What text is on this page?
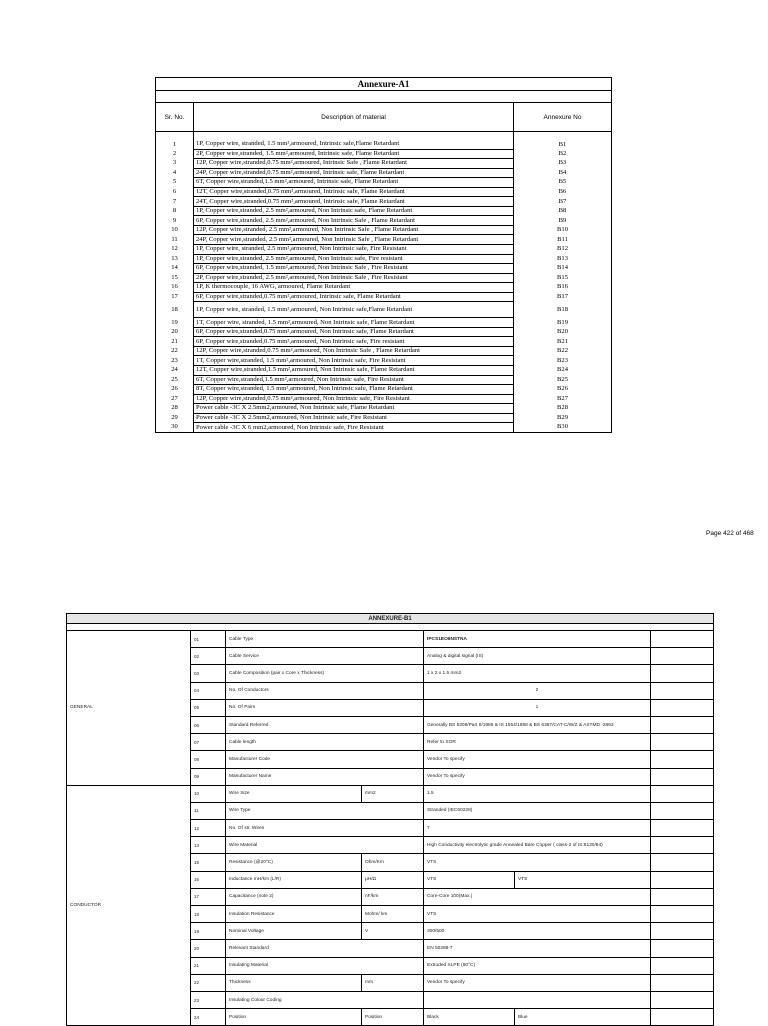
Annexure-A1		

Sr. No.	Description of material	Annexure No

1	1P, Copper wire, stranded, 1.5 mm²,armoured, Intrinsic safe,Flame Retardant	B1
2	2P, Copper wire,stranded, 1.5 mm²,armoured, Intrinsic safe, Flame Retardant	B2
3	12P, Copper wire,stranded,0.75 mm²,armoured, Intrinsic Safe , Flame Retardant	B3
4	24P, Copper wire,stranded,0.75 mm²,armoured, Intrinsic safe, Flame Retardant	B4
5	6T, Copper wire,stranded,1.5 mm²,armoured, Intrinsic safe, Flame Retardant	B5
6	12T, Copper wire,stranded,0.75 mm²,armoured, Intrinsic safe, Flame Retardant	B6
7	24T, Copper wire,stranded,0.75 mm²,armoured, Intrinsic safe, Flame Retardant	B7
8	1P, Copper wire,stranded, 2.5 mm²,armoured, Non Intrinsic safe, Flame Retardant	B8
9	6P, Copper wire,stranded, 2.5 mm²,armoured, Non Intrinsic Safe , Flame Retardant	B9
10	12P, Copper wire,stranded, 2.5 mm²,armoured, Non Intrinsic Safe , Flame Retardant	B10
11	24P, Copper wire,stranded, 2.5 mm²,armoured, Non Intrinsic Safe , Flame Retardant	B11
12	1P, Copper wire, stranded, 2.5 mm²,armoured, Non Intrinsic safe, Fire Resistant	B12
13	1P, Copper wire,stranded, 2.5 mm²,armoured, Non Intrinsic safe, Fire resistant	B13
14	6P, Copper wire,stranded, 1.5 mm²,armoured, Non Intrinsic Safe , Fire Resistant	B14
15	2P, Copper wire,stranded, 2.5 mm²,armoured, Non Intrinsic Safe , Fire Resistant	B15
16	1P, K thermocouple, 16 AWG, armoured, Flame Retardant	B16
17	6P, Copper wire,stranded,0.75 mm²,armoured, Intrinsic safe, Flame Retardant	B17
18	1P, Copper wire, stranded, 1.5 mm²,armoured, Non Intrinsic safe,Flame Retardant	B18
19	1T, Copper wire, stranded, 1.5 mm²,armoured, Non Intrinsic safe, Flame Retardant	B19
20	6P, Copper wire,stranded,0.75 mm²,armoured, Non Intrinsic safe, Flame Retardant	B20
21	6P, Copper wire,stranded,0.75 mm²,armoured, Non Intrinsic safe, Fire resistant	B21
22	12P, Copper wire,stranded,0.75 mm²,armoured, Non Intrinsic Safe , Flame Retardant	B22
23	1T, Copper wire,stranded, 1.5 mm²,armoured, Non Intrinsic safe, Fire Resistant	B23
24	12T, Copper wire,stranded,1.5 mm²,armoured, Non Intrinsic safe, Flame Retardant	B24
25	6T, Copper wire,stranded,1.5 mm²,armoured, Non Intrinsic safe, Fire Resistant	B25
26	8T, Copper wire,stranded, 1.5 mm²,armoured, Non Intrinsic safe, Flame Retardant	B26
27	12P, Copper wire,stranded,0.75 mm²,armoured, Non Intrinsic safe, Fire Resistant	B27
28	Power cable -3C X 2.5mm2,armoured, Non Intrinsic safe, Flame Retardant	B28
29	Power cable -3C X 2.5mm2,armoured, Non Intrinsic safe, Fire Resistant	B29
30	Power cable -3C X 6 mm2,armoured, Non Intrinsic safe, Fire Resistant	B30
Page 422 of 468
ANNEXURE-B1						

GENERAL	01	Cable Type		IPCS1EO6NSTNA		
	02	Cable Service		Analog & digital signal (IS)		
	03	Cable Composition (pair x Core x Thickness)		1 x 2 x 1.5 mm2		
	04	No. Of Conductors		2		
	05	No. Of Pairs		1		
	06	Standard Referred		Generally BS 5308/Part II/1986 & IS 1554/1988 & BS 6387/CAT-C/W/Z & ASTMD -2863		
	07	Cable length		Refer to SOR		
	08	Manufacturer Code		Vendor To specify		
	09	Manufacturer Name		Vendor To specify		
CONDUCTOR	10	Wire Size	mm2	1.5		
	11	Wire Type		Stranded (IEC60228)		
	12	No. Of str. Wires		7		
	13	Wire Material		High Conductivity electrolytic grade Annealed Bare Copper ( class-2 of IS:8130/84)		
	15	Resistance (@20°C)	Ohm/Km	VTS		
	16	Inductance mH/km (L/R)	μH/Ω	VTS	VTS	
	17	Capacitance (note 2)	nF/km	Core-Core 100(Max.)		
	18	Insulation Resistance	Mohm/ km	VTS		
	19	Nominal Voltage	V	300/500		
	20	Relevant Standard		EN 50288-7		
	21	Insulating Material		Extruded XLPE (90°C)		
	22	Thickness	mm	Vendor To specify		
	23	Insulating Colour Coding				
	24	Position	Position	Black	Blue	
